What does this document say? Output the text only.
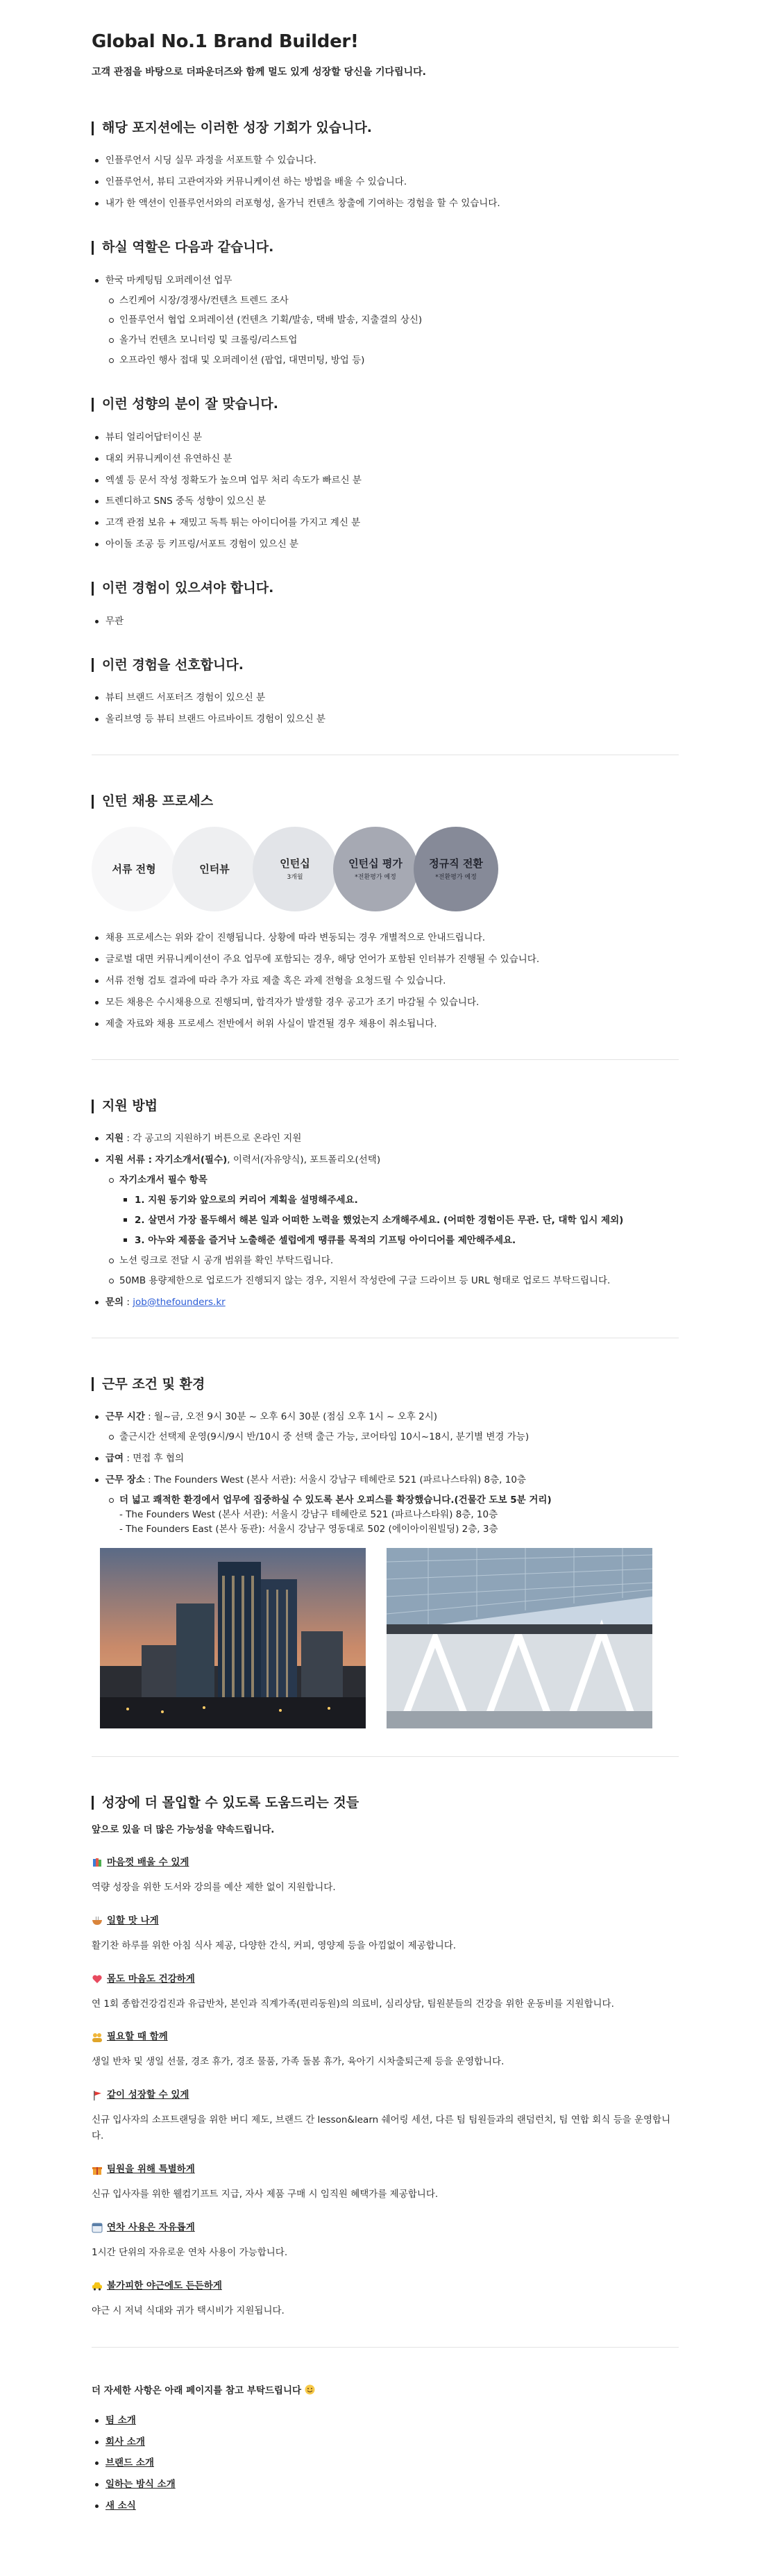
Global No.1 Brand Builder!

고객 관점을 바탕으로 더파운더즈와 함께 멀도 있게 성장할 당신을 기다립니다.

해당 포지션에는 이러한 성장 기회가 있습니다.
인플루언서 시딩 실무 과정을 서포트할 수 있습니다.
인플루언서, 뷰티 고관여자와 커뮤니케이션 하는 방법을 배울 수 있습니다.
내가 한 액션이 인플루언서와의 러포형성, 올가닉 컨텐츠 창출에 기여하는 경험을 할 수 있습니다.
하실 역할은 다음과 같습니다.
한국 마케팅팀 오퍼레이션 업무
스킨케어 시장/경쟁사/컨텐츠 트렌드 조사
인플루언서 협업 오퍼레이션 (컨텐츠 기획/발송, 택배 발송, 지출결의 상신)
올가닉 컨텐츠 모니터링 및 크롤링/리스트업
오프라인 행사 접대 및 오퍼레이션 (팝업, 대면미팅, 방업 등)
이런 성향의 분이 잘 맞습니다.
뷰티 얼리어답터이신 분
대외 커뮤니케이션 유연하신 분
엑셀 등 문서 작성 정확도가 높으며 업무 처리 속도가 빠르신 분
트렌디하고 SNS 중독 성향이 있으신 분
고객 관점 보유 + 재밌고 독특 튀는 아이디어를 가지고 계신 분
아이돌 조공 등 키프링/서포트 경험이 있으신 분
이런 경험이 있으셔야 합니다.
무관
이런 경험을 선호합니다.
뷰티 브랜드 서포터즈 경험이 있으신 분
올리브영 등 뷰티 브랜드 아르바이트 경험이 있으신 분
인턴 채용 프로세스
서류 전형	인터뷰	인턴십
3개월
인턴십 평가
*전환평가 예정
정규직 전환
*전환평가 예정
채용 프로세스는 위와 같이 진행됩니다. 상황에 따라 변동되는 경우 개별적으로 안내드립니다.
글로벌 대면 커뮤니케이션이 주요 업무에 포함되는 경우, 해당 언어가 포함된 인터뷰가 진행될 수 있습니다.
서류 전형 검토 결과에 따라 추가 자료 제출 혹은 과제 전형을 요청드릴 수 있습니다.
모든 채용은 수시채용으로 진행되며, 합격자가 발생할 경우 공고가 조기 마감될 수 있습니다.
제출 자료와 채용 프로세스 전반에서 허위 사실이 발견될 경우 채용이 취소됩니다.
지원 방법
지원 : 각 공고의 지원하기 버튼으로 온라인 지원
지원 서류 : 자기소개서(필수), 이력서(자유양식), 포트폴리오(선택)
자기소개서 필수 항목
1. 지원 동기와 앞으로의 커리어 계획을 설명해주세요.
2. 살면서 가장 몰두해서 해본 일과 어떠한 노력을 했었는지 소개해주세요. (어떠한 경험이든 무관. 단, 대학 입시 제외)
3. 아누와 제품을 즐거낙 노출해준 셀럽에게 땡큐를 목적의 기프팅 아이디어를 제안해주세요.
노션 링크로 전달 시 공개 범위를 확인 부탁드립니다.
50MB 용량제한으로 업로드가 진행되지 않는 경우, 지원서 작성란에 구글 드라이브 등 URL 형태로 업로드 부탁드립니다.
문의 : job@thefounders.kr
근무 조건 및 환경
근무 시간 : 월~금, 오전 9시 30분 ~ 오후 6시 30분 (점심 오후 1시 ~ 오후 2시)
출근시간 선택제 운영(9시/9시 반/10시 중 선택 출근 가능, 코어타임 10시~18시, 분기별 변경 가능)
급여 : 면접 후 협의
근무 장소 : The Founders West (본사 서관): 서울시 강남구 테헤란로 521 (파르나스타워) 8층, 10층
더 넓고 쾌적한 환경에서 업무에 집중하실 수 있도록 본사 오피스를 확장했습니다.(건물간 도보 5분 거리)
- The Founders West (본사 서관): 서울시 강남구 테헤란로 521 (파르나스타워) 8층, 10층
- The Founders East (본사 동관): 서울시 강남구 영동대로 502 (에이아이원빌딩) 2층, 3층
성장에 더 몰입할 수 있도록 도움드리는 것들

앞으로 있을 더 많은 가능성을 약속드립니다.

마음껏 배울 수 있게

역량 성장을 위한 도서와 강의를 예산 제한 없이 지원합니다.

일할 맛 나게

활기찬 하루를 위한 아침 식사 제공, 다양한 간식, 커피, 영양제 등을 아낌없이 제공합니다.

몸도 마음도 건강하게

연 1회 종합건강검진과 유급반차, 본인과 직계가족(편리동원)의 의료비, 심리상담, 팀원분들의 건강을 위한 운동비를 지원합니다.

필요할 때 함께

생일 반차 및 생일 선물, 경조 휴가, 경조 물품, 가족 돌봄 휴가, 육아기 시차출퇴근제 등을 운영합니다.

같이 성장할 수 있게

신규 입사자의 소프트랜딩을 위한 버디 제도, 브랜드 간 lesson&learn 쉐어링 세션, 다른 팀 팀원들과의 랜덤런치, 팀 연합 회식 등을 운영합니다.

팀원을 위해 특별하게

신규 입사자를 위한 웰컴기프트 지급, 자사 제품 구매 시 임직원 혜택가를 제공합니다.

연차 사용은 자유롭게

1시간 단위의 자유로운 연차 사용이 가능합니다.

불가피한 야근에도 든든하게

야근 시 저녁 식대와 귀가 택시비가 지원됩니다.

더 자세한 사항은 아래 페이지를 참고 부탁드립니다

팀 소개
회사 소개
브랜드 소개
일하는 방식 소개
새 소식
